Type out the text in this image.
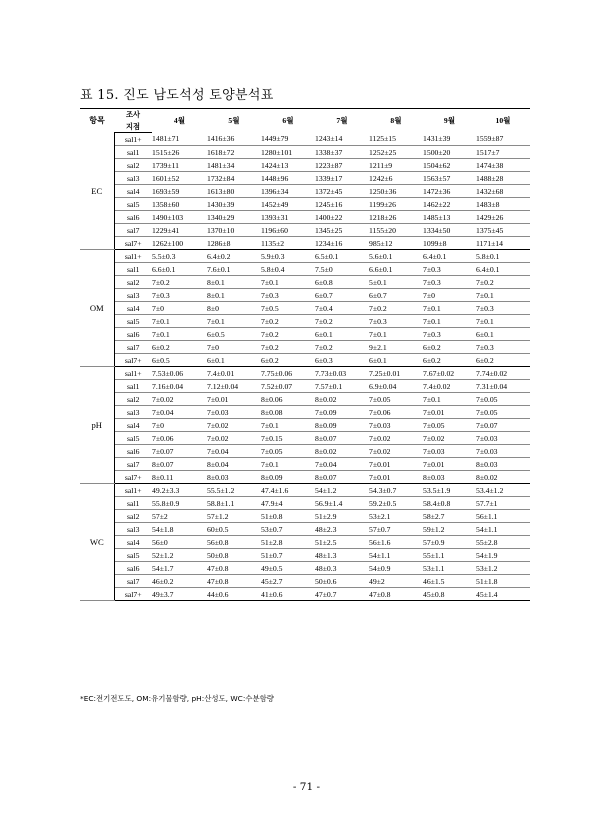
표 15. 진도 남도석성 토양분석표
항목	조사	4월	5월	6월	7월	8월	9월	10월
	지점							
EC	sal1+	1481±71	1416±36	1449±79	1243±14	1125±15	1431±39	1559±87
	sal1	1515±26	1618±72	1280±101	1338±37	1252±25	1500±20	1517±7
	sal2	1739±11	1481±34	1424±13	1223±87	1211±9	1504±62	1474±38
	sal3	1601±52	1732±84	1448±96	1339±17	1242±6	1563±57	1488±28
	sal4	1693±59	1613±80	1396±34	1372±45	1250±36	1472±36	1432±68
	sal5	1358±60	1430±39	1452±49	1245±16	1199±26	1462±22	1483±8
	sal6	1490±103	1340±29	1393±31	1400±22	1218±26	1485±13	1429±26
	sal7	1229±41	1370±10	1196±60	1345±25	1155±20	1334±50	1375±45
	sal7+	1262±100	1286±8	1135±2	1234±16	985±12	1099±8	1171±14
OM	sal1+	5.5±0.3	6.4±0.2	5.9±0.3	6.5±0.1	5.6±0.1	6.4±0.1	5.8±0.1
	sal1	6.6±0.1	7.6±0.1	5.8±0.4	7.5±0	6.6±0.1	7±0.3	6.4±0.1
	sal2	7±0.2	8±0.1	7±0.1	6±0.8	5±0.1	7±0.3	7±0.2
	sal3	7±0.3	8±0.1	7±0.3	6±0.7	6±0.7	7±0	7±0.1
	sal4	7±0	8±0	7±0.5	7±0.4	7±0.2	7±0.1	7±0.3
	sal5	7±0.1	7±0.1	7±0.2	7±0.2	7±0.3	7±0.1	7±0.1
	sal6	7±0.1	6±0.5	7±0.2	6±0.1	7±0.1	7±0.3	6±0.1
	sal7	6±0.2	7±0	7±0.2	7±0.2	9±2.1	6±0.2	7±0.3
	sal7+	6±0.5	6±0.1	6±0.2	6±0.3	6±0.1	6±0.2	6±0.2
pH	sal1+	7.53±0.06	7.4±0.01	7.75±0.06	7.73±0.03	7.25±0.01	7.67±0.02	7.74±0.02
	sal1	7.16±0.04	7.12±0.04	7.52±0.07	7.57±0.1	6.9±0.04	7.4±0.02	7.31±0.04
	sal2	7±0.02	7±0.01	8±0.06	8±0.02	7±0.05	7±0.1	7±0.05
	sal3	7±0.04	7±0.03	8±0.08	7±0.09	7±0.06	7±0.01	7±0.05
	sal4	7±0	7±0.02	7±0.1	8±0.09	7±0.03	7±0.05	7±0.07
	sal5	7±0.06	7±0.02	7±0.15	8±0.07	7±0.02	7±0.02	7±0.03
	sal6	7±0.07	7±0.04	7±0.05	8±0.02	7±0.02	7±0.03	7±0.03
	sal7	8±0.07	8±0.04	7±0.1	7±0.04	7±0.01	7±0.01	8±0.03
	sal7+	8±0.11	8±0.03	8±0.09	8±0.07	7±0.01	8±0.03	8±0.02
WC	sal1+	49.2±3.3	55.5±1.2	47.4±1.6	54±1.2	54.3±0.7	53.5±1.9	53.4±1.2
	sal1	55.8±0.9	58.8±1.1	47.9±4	56.9±1.4	59.2±0.5	58.4±0.8	57.7±1
	sal2	57±2	57±1.2	51±0.8	51±2.9	53±2.1	58±2.7	56±1.1
	sal3	54±1.8	60±0.5	53±0.7	48±2.3	57±0.7	59±1.2	54±1.1
	sal4	56±0	56±0.8	51±2.8	51±2.5	56±1.6	57±0.9	55±2.8
	sal5	52±1.2	50±0.8	51±0.7	48±1.3	54±1.1	55±1.1	54±1.9
	sal6	54±1.7	47±0.8	49±0.5	48±0.3	54±0.9	53±1.1	53±1.2
	sal7	46±0.2	47±0.8	45±2.7	50±0.6	49±2	46±1.5	51±1.8
	sal7+	49±3.7	44±0.6	41±0.6	47±0.7	47±0.8	45±0.8	45±1.4
*EC:전기전도도, OM:유기물함량, pH:산성도, WC:수분함량
- 71 -
